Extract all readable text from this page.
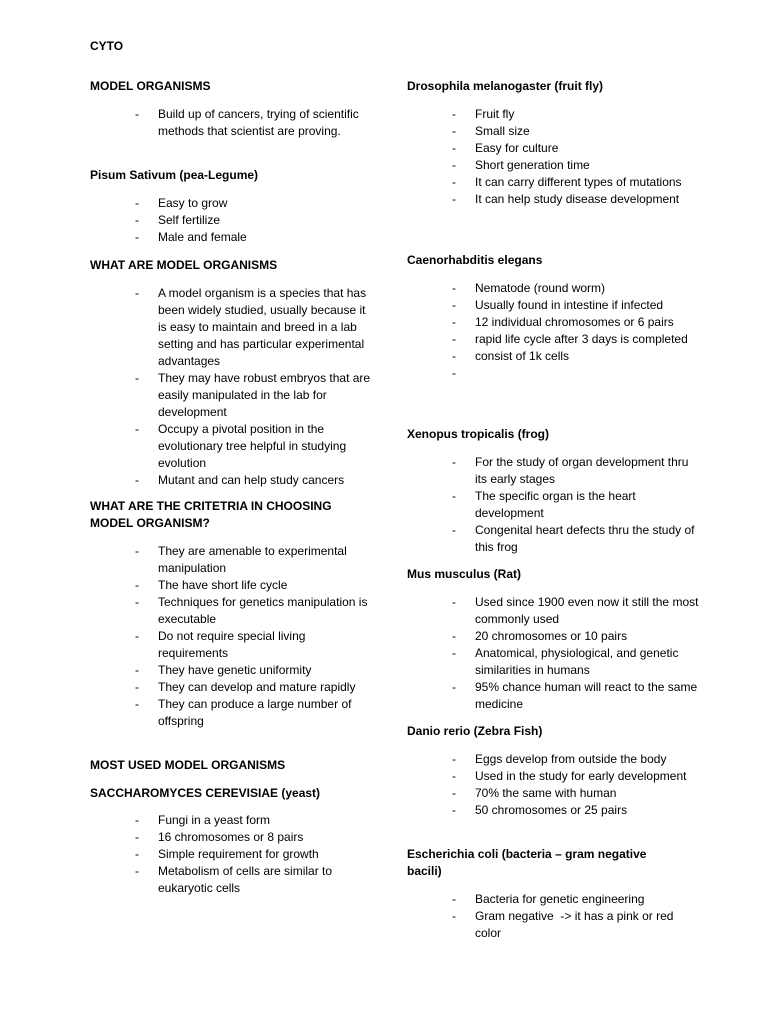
CYTO
MODEL ORGANISMS
- Build up of cancers, trying of scientific methods that scientist are proving.
Pisum Sativum (pea-Legume)
- Easy to grow
- Self fertilize
- Male and female
WHAT ARE MODEL ORGANISMS
- A model organism is a species that has been widely studied, usually because it is easy to maintain and breed in a lab setting and has particular experimental advantages
- They may have robust embryos that are easily manipulated in the lab for development
- Occupy a pivotal position in the evolutionary tree helpful in studying evolution
- Mutant and can help study cancers
WHAT ARE THE CRITETRIA IN CHOOSING MODEL ORGANISM?
- They are amenable to experimental manipulation
- The have short life cycle
- Techniques for genetics manipulation is executable
- Do not require special living requirements
- They have genetic uniformity
- They can develop and mature rapidly
- They can produce a large number of offspring
MOST USED MODEL ORGANISMS
SACCHAROMYCES CEREVISIAE (yeast)
- Fungi in a yeast form
- 16 chromosomes or 8 pairs
- Simple requirement for growth
- Metabolism of cells are similar to eukaryotic cells
Drosophila melanogaster (fruit fly)
- Fruit fly
- Small size
- Easy for culture
- Short generation time
- It can carry different types of mutations
- It can help study disease development
Caenorhabditis elegans
- Nematode (round worm)
- Usually found in intestine if infected
- 12 individual chromosomes or 6 pairs
- rapid life cycle after 3 days is completed
- consist of 1k cells
-
Xenopus tropicalis (frog)
- For the study of organ development thru its early stages
- The specific organ is the heart development
- Congenital heart defects thru the study of this frog
Mus musculus (Rat)
- Used since 1900 even now it still the most commonly used
- 20 chromosomes or 10 pairs
- Anatomical, physiological, and genetic similarities in humans
- 95% chance human will react to the same medicine
Danio rerio (Zebra Fish)
- Eggs develop from outside the body
- Used in the study for early development
- 70% the same with human
- 50 chromosomes or 25 pairs
Escherichia coli (bacteria – gram negative bacili)
- Bacteria for genetic engineering
- Gram negative  -> it has a pink or red color
